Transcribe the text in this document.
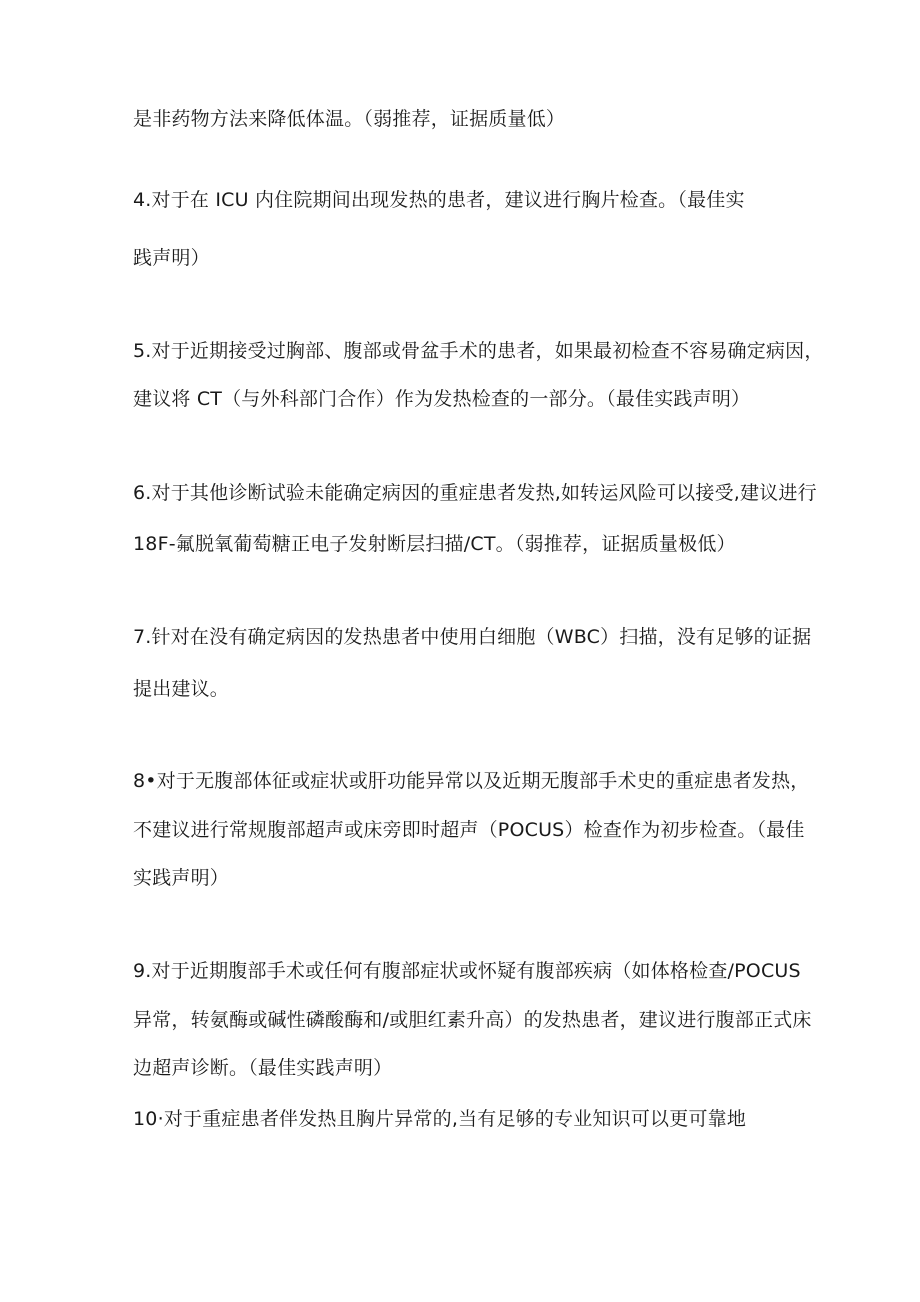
是非药物方法来降低体温。（弱推荐，证据质量低）
4.对于在 ICU 内住院期间出现发热的患者，建议进行胸片检查。（最佳实
践声明）
5.对于近期接受过胸部、腹部或骨盆手术的患者，如果最初检查不容易确定病因，
建议将 CT（与外科部门合作）作为发热检查的一部分。（最佳实践声明）
6.对于其他诊断试验未能确定病因的重症患者发热,如转运风险可以接受,建议进行
18F-氟脱氧葡萄糖正电子发射断层扫描/CT。（弱推荐，证据质量极低）
7.针对在没有确定病因的发热患者中使用白细胞（WBC）扫描，没有足够的证据
提出建议。
8•对于无腹部体征或症状或肝功能异常以及近期无腹部手术史的重症患者发热，
不建议进行常规腹部超声或床旁即时超声（POCUS）检查作为初步检查。（最佳
实践声明）
9.对于近期腹部手术或任何有腹部症状或怀疑有腹部疾病（如体格检查/POCUS
异常，转氨酶或碱性磷酸酶和/或胆红素升高）的发热患者，建议进行腹部正式床
边超声诊断。（最佳实践声明）
10·对于重症患者伴发热且胸片异常的,当有足够的专业知识可以更可靠地
